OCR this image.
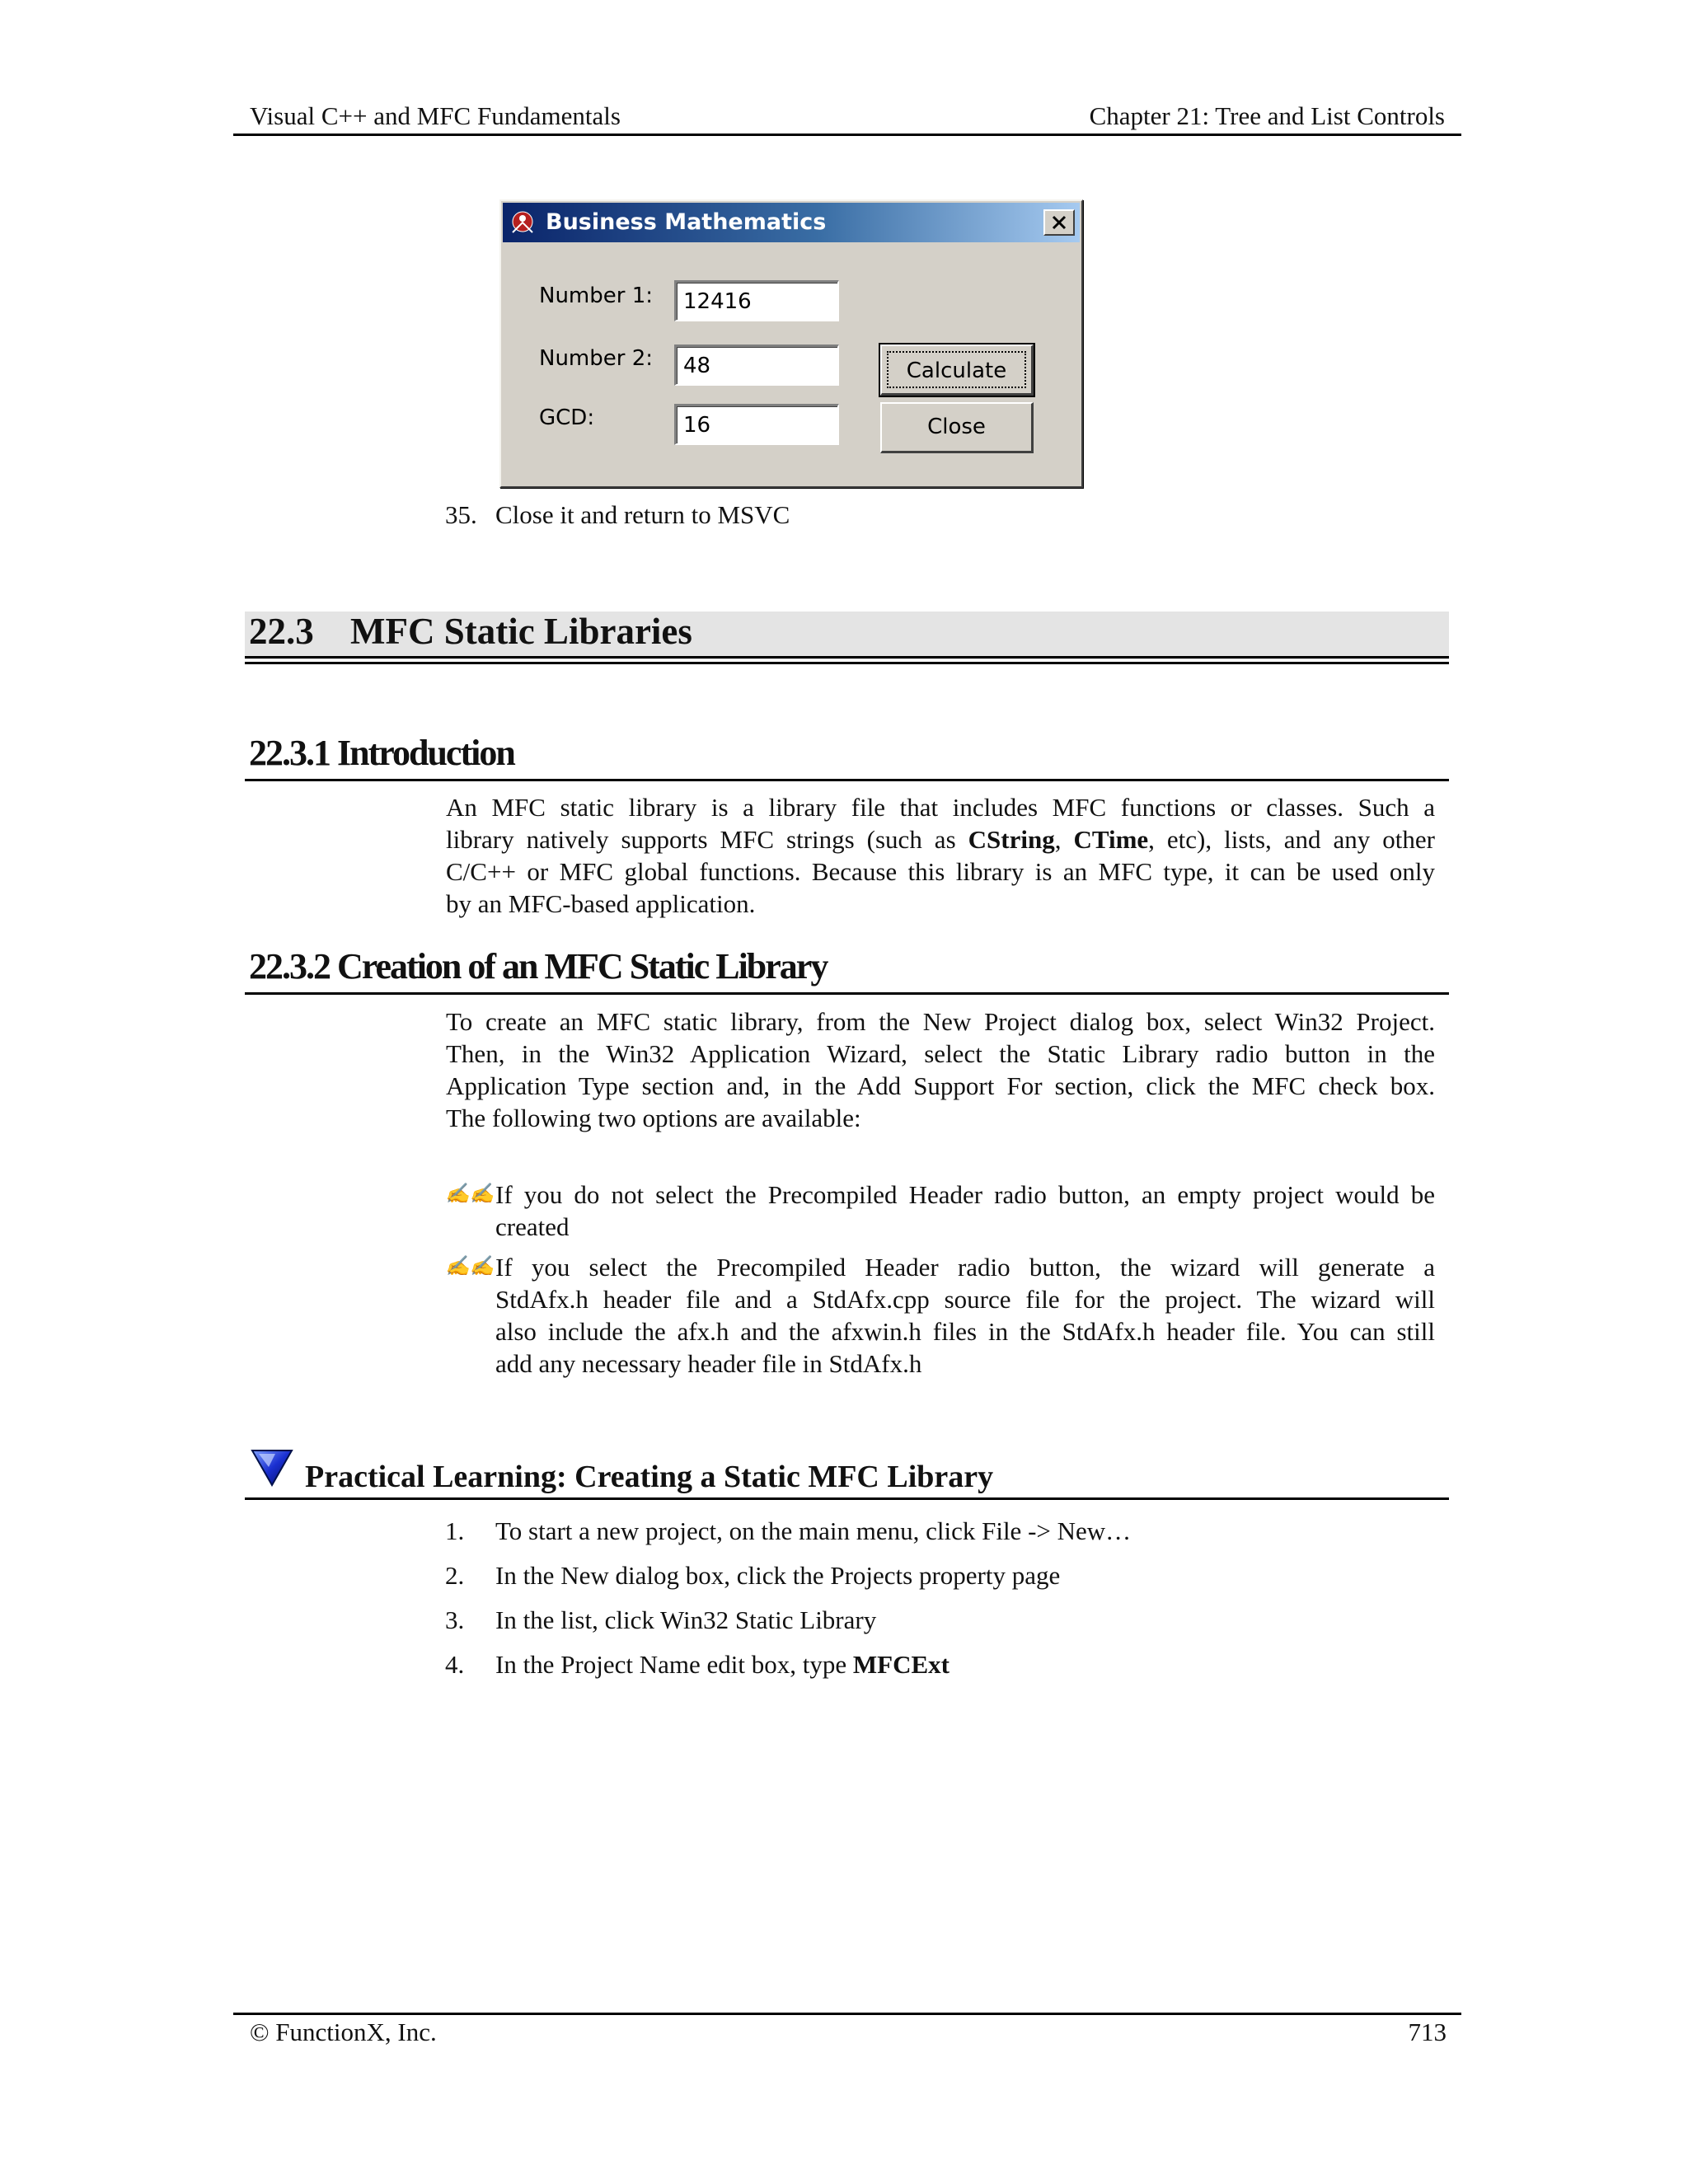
Visual C++ and MFC Fundamentals	Chapter 21: Tree and List Controls
Business Mathematics
Number 1:	12416
Number 2:	48
GCD:	16
Calculate
Close
35. Close it and return to MSVC
22.3 MFC Static Libraries
22.3.1 Introduction
An MFC static library is a library file that includes MFC functions or classes. Such a
library natively supports MFC strings (such as CString, CTime, etc), lists, and any other
C/C++ or MFC global functions. Because this library is an MFC type, it can be used only
by an MFC-based application.
22.3.2 Creation of an MFC Static Library
To create an MFC static library, from the New Project dialog box, select Win32 Project.
Then, in the Win32 Application Wizard, select the Static Library radio button in the
Application Type section and, in the Add Support For section, click the MFC check box.
The following two options are available:
✍✍ If you do not select the Precompiled Header radio button, an empty project would be
created
✍✍ If you select the Precompiled Header radio button, the wizard will generate a
StdAfx.h header file and a StdAfx.cpp source file for the project. The wizard will
also include the afx.h and the afxwin.h files in the StdAfx.h header file. You can still
add any necessary header file in StdAfx.h
Practical Learning: Creating a Static MFC Library
1. To start a new project, on the main menu, click File -> New…
2. In the New dialog box, click the Projects property page
3. In the list, click Win32 Static Library
4. In the Project Name edit box, type MFCExt
© FunctionX, Inc.	713
